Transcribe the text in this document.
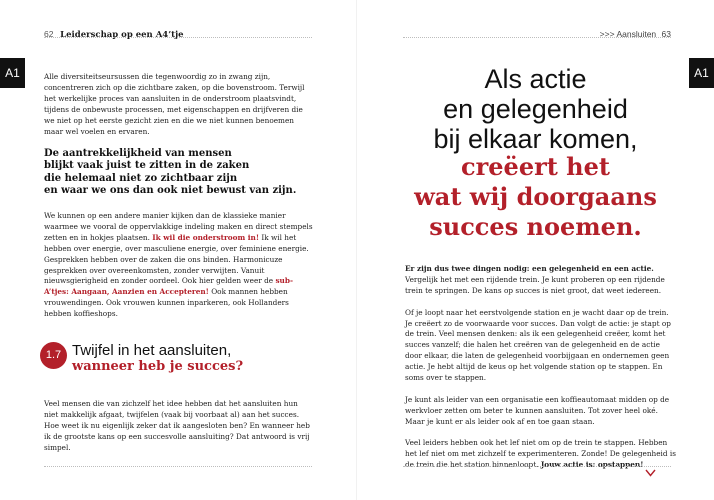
62 Leiderschap op een A4’tje
A1	Alle diversiteitseursussen die tegenwoordig zo in zwang zijn, concentreren zich op die zichtbare zaken, op die bovenstroom. Terwijl het werkelijke proces van aansluiten in de onderstroom plaatsvindt, tijdens de onbewuste processen, met eigenschappen en drijfveren die we niet op het eerste gezicht zien en die we niet kunnen benoemen maar wel voelen en ervaren.

De aantrekkelijkheid van mensen
blijkt vaak juist te zitten in de zaken
die helemaal niet zo zichtbaar zijn
en waar we ons dan ook niet bewust van zijn.

We kunnen op een andere manier kijken dan de klassieke manier waarmee we vooral de oppervlakkige indeling maken en direct stempels zetten en in hokjes plaatsen. Ik wil die onderstroom in! Ik wil het hebben over energie, over masculiene energie, over feminiene energie. Gesprekken hebben over de zaken die ons binden. Harmonicuze gesprekken over overeenkomsten, zonder verwijten. Vanuit nieuwsgierigheid en zonder oordeel. Ook hier gelden weer de sub-A’tjes: Aangaan, Aanzien en Accepteren! Ook mannen hebben vrouwendingen. Ook vrouwen kunnen inparkeren, ook Hollanders hebben koffieshops.

1.7 Twijfel in het aansluiten,
wanneer heb je succes?

Veel mensen die van zichzelf het idee hebben dat het aansluiten hun niet makkelijk afgaat, twijfelen (vaak bij voorbaat al) aan het succes. Hoe weet ik nu eigenlijk zeker dat ik aangesloten ben? En wanneer heb ik de grootste kans op een succesvolle aansluiting? Dat antwoord is vrij simpel.

>>> Aansluiten 63
A1
Als actie
en gelegenheid
bij elkaar komen,
creëert het
wat wij doorgaans
succes noemen.

Er zijn dus twee dingen nodig: een gelegenheid en een actie. Vergelijk het met een rijdende trein. Je kunt proberen op een rijdende trein te springen. De kans op succes is niet groot, dat weet iedereen.

Of je loopt naar het eerstvolgende station en je wacht daar op de trein. Je creëert zo de voorwaarde voor succes. Dan volgt de actie: je stapt op de trein. Veel mensen denken: als ik een gelegenheid creëer, komt het succes vanzelf; die halen het creëren van de gelegenheid en de actie door elkaar, die laten de gelegenheid voorbijgaan en ondernemen geen actie. Je hebt altijd de keus op het volgende station op te stappen. En soms over te stappen.

Je kunt als leider van een organisatie een koffieautomaat midden op de werkvloer zetten om beter te kunnen aansluiten. Tot zover heel oké. Maar je kunt er als leider ook af en toe gaan staan.

Veel leiders hebben ook het lef niet om op de trein te stappen. Hebben het lef niet om met zichzelf te experimenteren. Zonde! De gelegenheid is de trein die het station binnenloopt. Jouw actie is: opstappen!
